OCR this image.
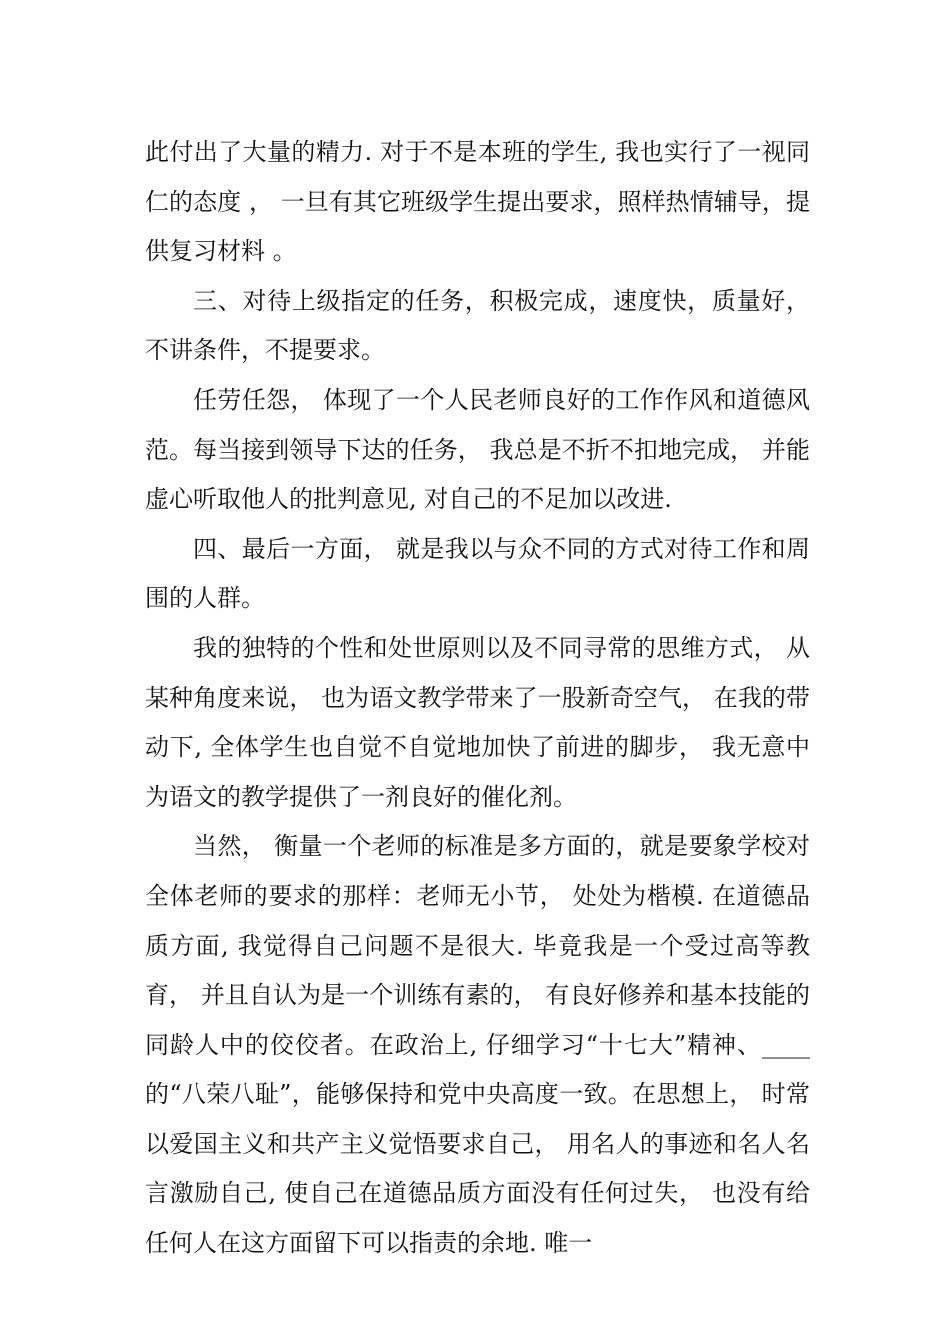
此付出了大量的精力. 对于不是本班的学生, 我也实行了一视同仁的态度 ， 一旦有其它班级学生提出要求，照样热情辅导，提供复习材料 。

三、对待上级指定的任务，积极完成，速度快，质量好，不讲条件，不提要求。

任劳任怨， 体现了一个人民老师良好的工作作风和道德风范。每当接到领导下达的任务， 我总是不折不扣地完成， 并能虚心听取他人的批判意见, 对自己的不足加以改进.

四、最后一方面， 就是我以与众不同的方式对待工作和周围的人群。

我的独特的个性和处世原则以及不同寻常的思维方式， 从某种角度来说， 也为语文教学带来了一股新奇空气， 在我的带 动下, 全体学生也自觉不自觉地加快了前进的脚步， 我无意中为语文的教学提供了一剂良好的催化剂。

当然， 衡量一个老师的标准是多方面的，就是要象学校对全体老师的要求的那样：老师无小节， 处处为楷模. 在道德品质方面, 我觉得自己问题不是很大. 毕竟我是一个受过高等教育， 并且自认为是一个训练有素的， 有良好修养和基本技能的同龄人中的佼佼者。在政治上, 仔细学习“十七大”精神、____的“八荣八耻”，能够保持和党中央高度一致。在思想上， 时常以爱国主义和共产主义觉悟要求自己， 用名人的事迹和名人名言激励自己, 使自己在道德品质方面没有任何过失， 也没有给任何人在这方面留下可以指责的余地. 唯一
